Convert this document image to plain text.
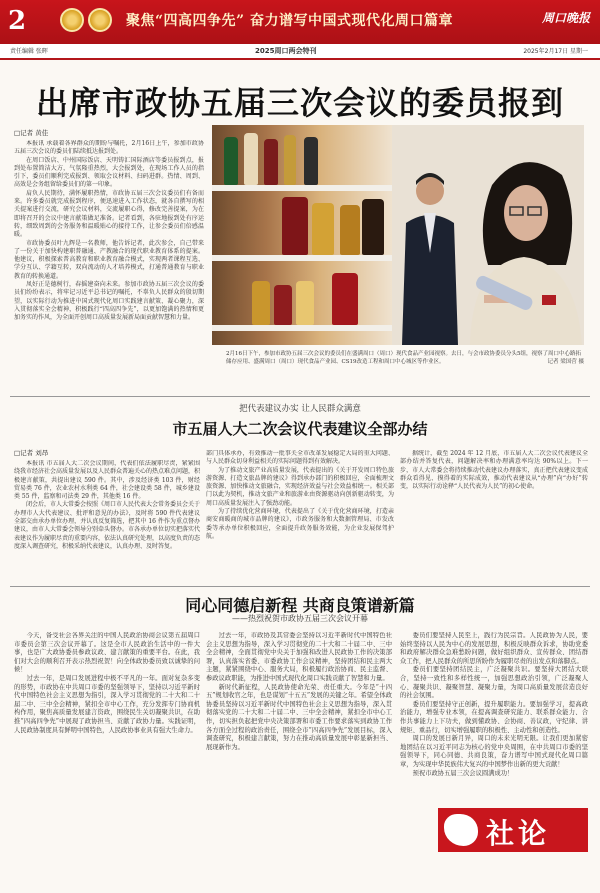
2	聚焦“四高四争先” 奋力谱写中国式现代化周口篇章	周口晚报
责任编辑 张晖	2025周口两会特刊	2025年2月17日 星期一
出席市政协五届三次会议的委员报到
□记者 黄佳

本报讯 承载着各界群众的期盼与嘱托，2月16日上午，参加市政协五届三次会议的委员们陆续抵达报到处。

在周口饭店、中州国际饭店、天明铸汇国际酒店等委员报到点，报到处布置简洁大方，气氛隆重热烈，大会报到处，在现场工作人员的指引下，委员们顺利完成报到、领取会议材料、扫码进群。热情、周到、高效是会务组留给委员们的第一印象。

肩负人民期待，满怀履职热情，市政协五届三次会议委员们有备而来。许多委员就完成报到程序，便迅速进入工作状态，就各自撰写的相关提案进行交流，研究会议材料，交流履职心得，修改完善提案，为在即将召开的会议中建言献策做足准备。记者看到，各驻地报到处有序运转，细致周到的会务服务和温暖贴心的接待工作，让参会委员们倍感温暖。

市政协委员叶九辉是一名教师，他告诉记者，此次参会，自己带来了一份关于加快构建职普融通、产教融合的现代职业教育体系的提案。他建议，积极探索普高教育和职业教育融合模式，实现两者课程互选、学分互认、学籍互转，双向流动的人才培养模式，打通普通教育与职业教育的转换通道。

凤好正是德树行，春摇建奋向未来。参加市政协五届三次会议的委员们纷纷表示，将牢记习近平总书记的嘱托，不辜负人民群众的殷切期望，以实际行动为推进中国式现代化周口实践建言献策、凝心聚力，深入贯彻落实全会精神，积极践行“四高四争先”，以更加饱满的热情和更加务实的作风，为全面开创周口高质量发展新局面贡献智慧和力量。

2月16日下午，参加市政协五届三次会议的委员们在盛满周口（周口）现代食品产业园视察。去日，与会市政协委员分头5组，视察了周口中心路拓储存应用、盛满周口（周口）现代食品产业园、CS19改造工程和周口中心城区等作业区。	记者 梁国营 摄
把代表建议办实 让人民群众满意
市五届人大二次会议代表建议全部办结
□记者 刘昂

本报讯 市五届人大二次会议期间，代表们依法履职尽责，紧紧围绕我市经济社会高质量发展以及人民群众普遍关心的热点难点问题，积极建言献策，共提出建议 590 件。其中，涉及经济类 103 件，财经贸易类 76 件，农业农村水利类 64 件，社会建设类 58 件，城乡建设类 55 件，监察和司法类 29 件，其他类 16 件。

闭会后，市人大常委会按照《周口市人民代表大会常务委员会关于办理市人大代表建议、批评和意见的办法》，及时将 590 件代表建议全部交由承办单位办理，并认真反复筛选，把其中 16 件作为重点督办建议，由市人大常委会领导分别牵头督办。市各承办单位切实把落实代表建议作为履职尽责的重要内容，依法认真研究处理，以高度负责的态度深入调查研究，积极采纳代表建议，认真办理、及时答复。

部门具体承办，有效推动一批事关全市改革发展稳定大局的重大问题、与人民群众切身利益相关的实际问题得到有效解决。

为了推动文旅产业高质量发展，代表提出的《关于开发周口特色旅游资源、打造文旅品牌的建议》得到承办部门的积极回应，全面梳理文旅资源、加快推动文旅融合，实现经济效益与社会效益相统一。相关部门以此为契机，推动文旅产业和旅游业由资源驱动向创新驱动转变，为周口高质量发展注入了强劲动能。

为了持续优化营商环境，代表提出了《关于优化营商环境，打造亲商安商暖商的城市品牌的建议》，市政务服务和大数据管理局、市发改委等承办单位积极回应，全面提升政务服务效能，为企业发展保驾护航。

据统计，截至 2024 年 12 月底，市五届人大二次会议代表建议全部办结并答复代表，问题解决率和办理满意率均达 90%以上。下一步，市人大常委会将持续推动代表建议办理落实，真正把代表建议变成群众看得见、摸得着的实际成效，推动代表建议从“办理”向“办好”转变，以实际行动诠释“人民代表为人民”的初心使命。

同心同德启新程 共商良策谱新篇
——热烈祝贺市政协五届三次会议开幕

今天，备受社会各界关注的中国人民政治协商会议第五届周口市委员会第三次会议开幕了。这是全市人民政治生活中的一件大事，也是广大政协委员参政议政、建言献策的重要平台。在此，我们对大会的顺利召开表示热烈祝贺！向全体政协委员致以诚挚的问候！

过去一年，是周口发展进程中极不平凡的一年。面对复杂多变的形势，市政协在中共周口市委的坚强领导下，坚持以习近平新时代中国特色社会主义思想为指引，深入学习贯彻党的二十大和二十届二中、三中全会精神，紧扣全市中心工作，充分发挥专门协商机构作用，聚焦高质量发展建言资政，围绕民生关切凝聚共识，在助推“四高四争先”中展现了政协担当、贡献了政协力量。实践证明，人民政协制度具有鲜明中国特色，人民政协事业具有强大生命力。

过去一年，市政协及其常委会坚持以习近平新时代中国特色社会主义思想为指导，深入学习贯彻党的二十大和二十届二中、三中全会精神，全面贯彻党中央关于加强和改进人民政协工作的决策部署，认真落实省委、市委政协工作会议精神，坚持团结和民主两大主题，紧紧围绕中心、服务大局，积极履行政治协商、民主监督、参政议政职能，为推进中国式现代化周口实践贡献了智慧和力量。

新时代新征程，人民政协使命光荣、责任重大。今年是“十四五”规划收官之年，也是谋划“十五五”发展的关键之年。希望全体政协委员坚持以习近平新时代中国特色社会主义思想为指导，深入贯彻落实党的二十大和二十届二中、三中全会精神，紧扣全市中心工作，切实担负起把党中央决策部署和市委工作要求落实到政协工作各方面全过程的政治责任，围绕全市“四高四争先”发展目标，深入调查研究，积极建言献策，努力在推动高质量发展中彰显新担当、展现新作为。

委员们要坚持人民至上，践行为民宗旨。人民政协为人民，要始终坚持以人民为中心的发展思想，积极反映群众诉求，协助党委和政府解决群众急难愁盼问题，做好组织群众、宣传群众、团结群众工作，把人民群众的所思所盼作为履职尽责的出发点和落脚点。

委员们要坚持团结民主，广泛凝聚共识。要坚持大团结大联合，坚持一致性和多样性统一，加强思想政治引领，广泛凝聚人心、凝聚共识、凝聚智慧、凝聚力量，为周口高质量发展营造良好的社会氛围。

委员们要坚持守正创新，提升履职能力。要加强学习，提高政治能力，增强专业本领，在提高调查研究能力、联系群众能力、合作共事能力上下功夫，做到懂政协、会协商、善议政，守纪律、讲规矩、重品行，切实增强履职的积极性、主动性和创造性。

周口的发展日新月异，周口的未来光明无限。让我们更加紧密地团结在以习近平同志为核心的党中央周围，在中共周口市委的坚强领导下，同心同德、共商良策，奋力谱写中国式现代化周口篇章，为实现中华民族伟大复兴的中国梦作出新的更大贡献！

预祝市政协五届三次会议圆满成功！

社论
